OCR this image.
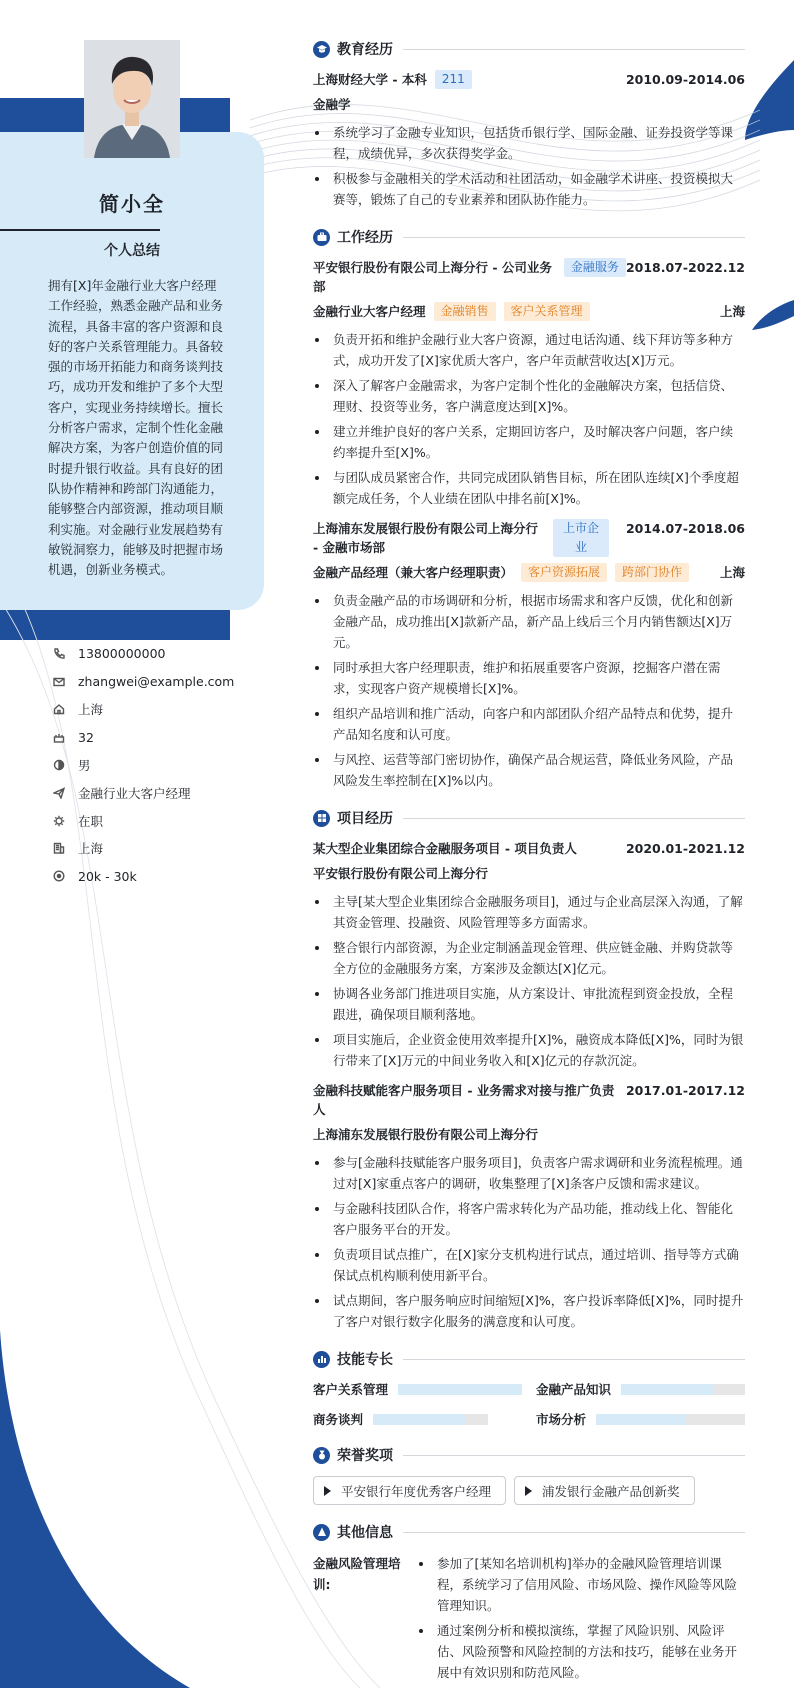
简小全
个人总结
拥有[X]年金融行业大客户经理工作经验，熟悉金融产品和业务流程，具备丰富的客户资源和良好的客户关系管理能力。具备较强的市场开拓能力和商务谈判技巧，成功开发和维护了多个大型客户，实现业务持续增长。擅长分析客户需求，定制个性化金融解决方案，为客户创造价值的同时提升银行收益。具有良好的团队协作精神和跨部门沟通能力，能够整合内部资源，推动项目顺利实施。对金融行业发展趋势有敏锐洞察力，能够及时把握市场机遇，创新业务模式。
13800000000
zhangwei@example.com
上海
32
男
金融行业大客户经理
在职
上海
20k - 30k
教育经历
上海财经大学 - 本科	211	2010.09-2014.06
金融学
系统学习了金融专业知识，包括货币银行学、国际金融、证券投资学等课程，成绩优异，多次获得奖学金。
积极参与金融相关的学术活动和社团活动，如金融学术讲座、投资模拟大赛等，锻炼了自己的专业素养和团队协作能力。
工作经历
平安银行股份有限公司上海分行 - 公司业务部
金融服务 2018.07-2022.12
金融行业大客户经理	金融销售	客户关系管理	上海
负责开拓和维护金融行业大客户资源，通过电话沟通、线下拜访等多种方式，成功开发了[X]家优质大客户，客户年贡献营收达[X]万元。
深入了解客户金融需求，为客户定制个性化的金融解决方案，包括信贷、理财、投资等业务，客户满意度达到[X]%。
建立并维护良好的客户关系，定期回访客户，及时解决客户问题，客户续约率提升至[X]%。
与团队成员紧密合作，共同完成团队销售目标，所在团队连续[X]个季度超额完成任务，个人业绩在团队中排名前[X]%。
上海浦东发展银行股份有限公司上海分行 - 金融市场部
上市企业
2014.07-2018.06
金融产品经理（兼大客户经理职责）	客户资源拓展	跨部门协作	上海
负责金融产品的市场调研和分析，根据市场需求和客户反馈，优化和创新金融产品，成功推出[X]款新产品，新产品上线后三个月内销售额达[X]万元。
同时承担大客户经理职责，维护和拓展重要客户资源，挖掘客户潜在需求，实现客户资产规模增长[X]%。
组织产品培训和推广活动，向客户和内部团队介绍产品特点和优势，提升产品知名度和认可度。
与风控、运营等部门密切协作，确保产品合规运营，降低业务风险，产品风险发生率控制在[X]%以内。
项目经历
某大型企业集团综合金融服务项目 - 项目负责人	2020.01-2021.12
平安银行股份有限公司上海分行
主导[某大型企业集团综合金融服务项目]，通过与企业高层深入沟通，了解其资金管理、投融资、风险管理等多方面需求。
整合银行内部资源，为企业定制涵盖现金管理、供应链金融、并购贷款等全方位的金融服务方案，方案涉及金额达[X]亿元。
协调各业务部门推进项目实施，从方案设计、审批流程到资金投放，全程跟进，确保项目顺利落地。
项目实施后，企业资金使用效率提升[X]%，融资成本降低[X]%，同时为银行带来了[X]万元的中间业务收入和[X]亿元的存款沉淀。
金融科技赋能客户服务项目 - 业务需求对接与推广负责人
2017.01-2017.12
上海浦东发展银行股份有限公司上海分行
参与[金融科技赋能客户服务项目]，负责客户需求调研和业务流程梳理。通过对[X]家重点客户的调研，收集整理了[X]条客户反馈和需求建议。
与金融科技团队合作，将客户需求转化为产品功能，推动线上化、智能化客户服务平台的开发。
负责项目试点推广，在[X]家分支机构进行试点，通过培训、指导等方式确保试点机构顺利使用新平台。
试点期间，客户服务响应时间缩短[X]%，客户投诉率降低[X]%，同时提升了客户对银行数字化服务的满意度和认可度。
技能专长
客户关系管理	金融产品知识
商务谈判	市场分析
荣誉奖项
平安银行年度优秀客户经理	浦发银行金融产品创新奖
其他信息
金融风险管理培训:
参加了[某知名培训机构]举办的金融风险管理培训课程，系统学习了信用风险、市场风险、操作风险等风险管理知识。
通过案例分析和模拟演练，掌握了风险识别、风险评估、风险预警和风险控制的方法和技巧，能够在业务开展中有效识别和防范风险。
